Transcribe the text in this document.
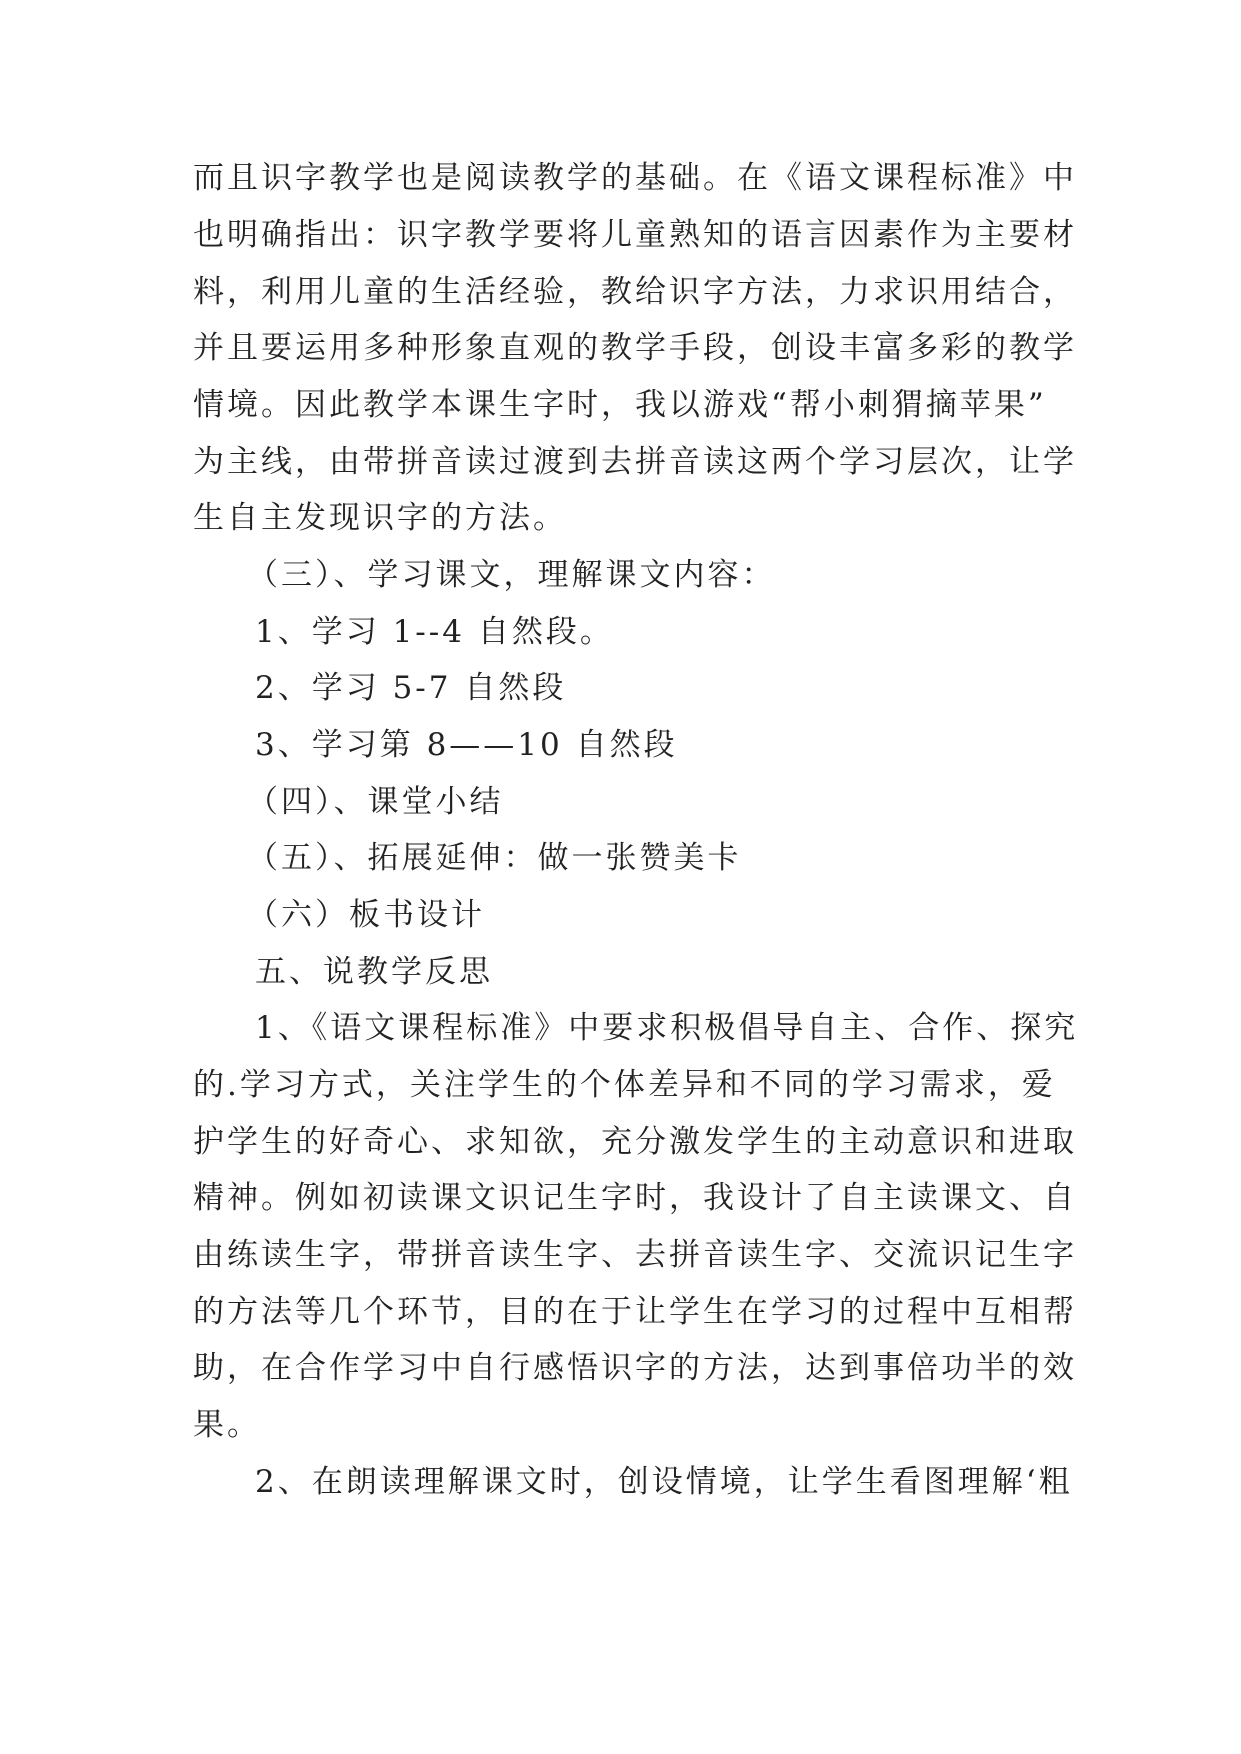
而且识字教学也是阅读教学的基础。在《语文课程标准》中
也明确指出：识字教学要将儿童熟知的语言因素作为主要材
料，利用儿童的生活经验，教给识字方法，力求识用结合，
并且要运用多种形象直观的教学手段，创设丰富多彩的教学
情境。因此教学本课生字时，我以游戏“帮小刺猬摘苹果”
为主线，由带拼音读过渡到去拼音读这两个学习层次，让学
生自主发现识字的方法。
（三）、学习课文，理解课文内容：
1、学习 1--4 自然段。
2、学习 5-7 自然段
3、学习第 8——10 自然段
（四）、课堂小结
（五）、拓展延伸：做一张赞美卡
（六）板书设计
五、说教学反思
1、《语文课程标准》中要求积极倡导自主、合作、探究
的.学习方式，关注学生的个体差异和不同的学习需求，爱
护学生的好奇心、求知欲，充分激发学生的主动意识和进取
精神。例如初读课文识记生字时，我设计了自主读课文、自
由练读生字，带拼音读生字、去拼音读生字、交流识记生字
的方法等几个环节，目的在于让学生在学习的过程中互相帮
助，在合作学习中自行感悟识字的方法，达到事倍功半的效
果。
2、在朗读理解课文时，创设情境，让学生看图理解‘粗
